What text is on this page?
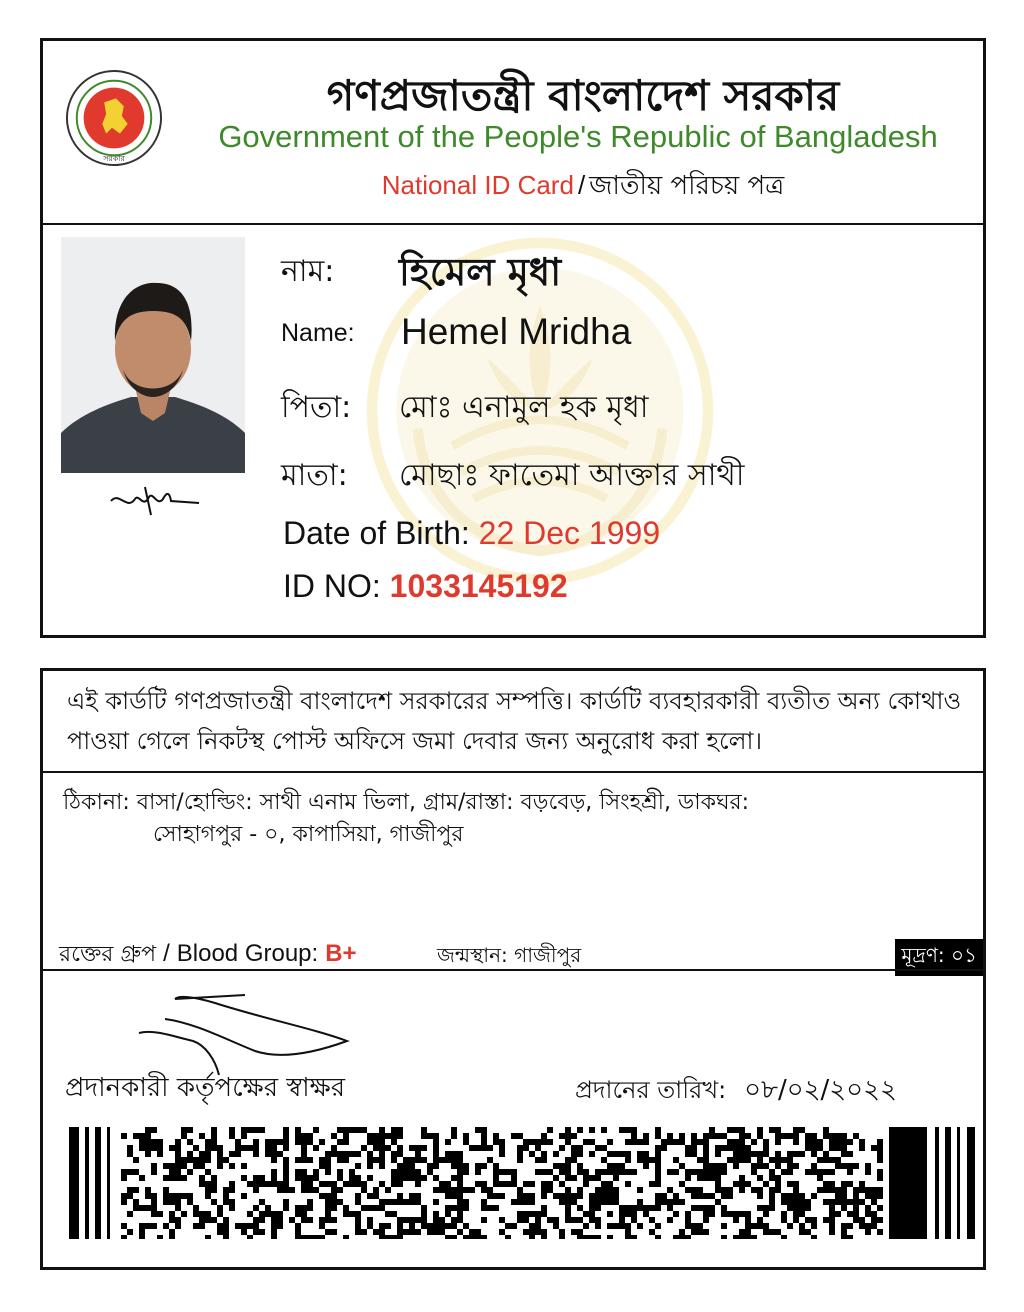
সরকার
গণপ্রজাতন্ত্রী বাংলাদেশ সরকার
Government of the People's Republic of Bangladesh
National ID Card / জাতীয় পরিচয় পত্র
নাম: হিমেল মৃধা
Name: Hemel Mridha
পিতা: মোঃ এনামুল হক মৃধা
মাতা: মোছাঃ ফাতেমা আক্তার সাথী
Date of Birth: 22 Dec 1999
ID NO: 1033145192
এই কার্ডটি গণপ্রজাতন্ত্রী বাংলাদেশ সরকারের সম্পত্তি। কার্ডটি ব্যবহারকারী ব্যতীত অন্য কোথাও পাওয়া গেলে নিকটস্থ পোস্ট অফিসে জমা দেবার জন্য অনুরোধ করা হলো।
ঠিকানা: বাসা/হোল্ডিং: সাথী এনাম ভিলা, গ্রাম/রাস্তা: বড়বেড়, সিংহশ্রী, ডাকঘর:
সোহাগপুর - ০, কাপাসিয়া, গাজীপুর
রক্তের গ্রুপ / Blood Group: B+	জন্মস্থান: গাজীপুর	মূদ্রণ: ০১
প্রদানকারী কর্তৃপক্ষের স্বাক্ষর	প্রদানের তারিখ: ০৮/০২/২০২২
